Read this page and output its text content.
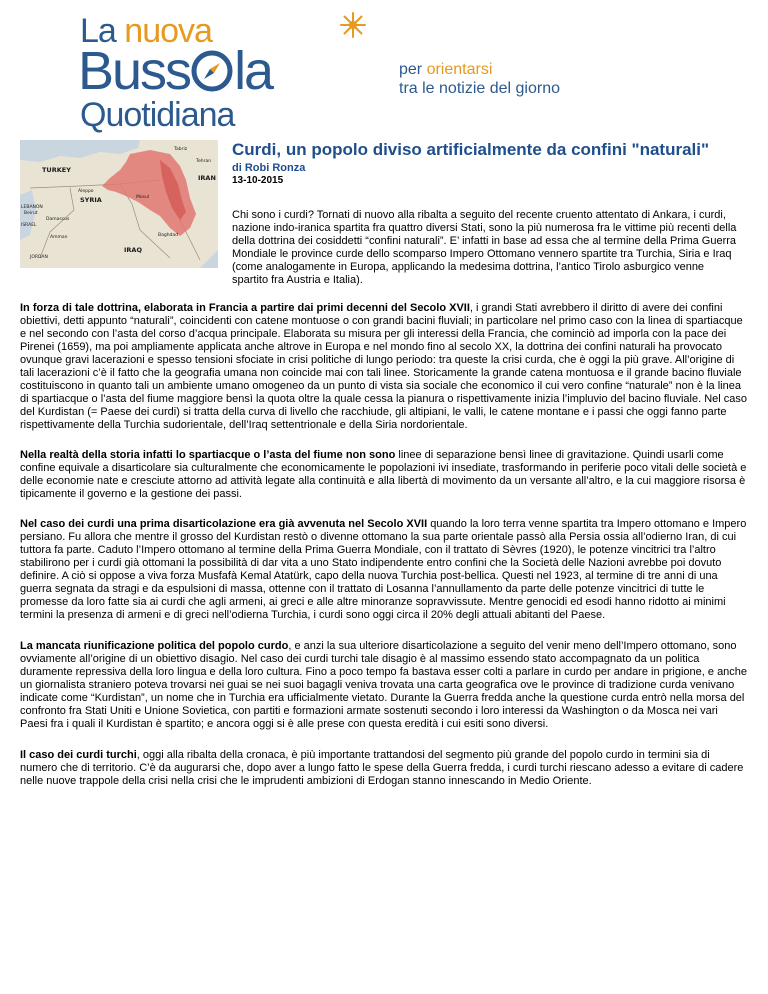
La nuova
Buss la
Quotidiana
per orientarsi
tra le notizie del giorno
TURKEY
SYRIA
IRAQ
IRAN
LEBANON
ISRAEL
JORDAN
Tabriz
Tehran
Baghdad
Damascus
Aleppo
Mosul
Beirut
Amman
Curdi, un popolo diviso artificialmente da confini "naturali"
di Robi Ronza
13-10-2015
Chi sono i curdi? Tornati di nuovo alla ribalta a seguito del recente cruento attentato di Ankara, i curdi, nazione indo-iranica spartita fra quattro diversi Stati, sono la più numerosa fra le vittime più recenti della della dottrina dei cosiddetti “confini naturali”. E’ infatti in base ad essa che al termine della Prima Guerra Mondiale le province curde dello scomparso Impero Ottomano vennero spartite tra Turchia, Siria e Iraq (come analogamente in Europa, applicando la medesima dottrina, l’antico Tirolo asburgico venne spartito fra Austria e Italia).
In forza di tale dottrina, elaborata in Francia a partire dai primi decenni del Secolo XVII, i grandi Stati avrebbero il diritto di avere dei confini obiettivi, detti appunto “naturali”, coincidenti con catene montuose o con grandi bacini fluviali; in particolare nel primo caso con la linea di spartiacque e nel secondo con l’asta del corso d’acqua principale. Elaborata su misura per gli interessi della Francia, che cominciò ad imporla con la pace dei Pirenei (1659), ma poi ampliamente applicata anche altrove in Europa e nel mondo fino al secolo XX, la dottrina dei confini naturali ha provocato ovunque gravi lacerazioni e spesso tensioni sfociate in crisi politiche di lungo periodo: tra queste la crisi curda, che è oggi la più grave. All’origine di tali lacerazioni c’è il fatto che la geografia umana non coincide mai con tali linee. Storicamente la grande catena montuosa e il grande bacino fluviale costituiscono in quanto tali un ambiente umano omogeneo da un punto di vista sia sociale che economico il cui vero confine “naturale” non è la linea di spartiacque o l’asta del fiume maggiore bensì la quota oltre la quale cessa la pianura o rispettivamente inizia l’impluvio del bacino fluviale. Nel caso del Kurdistan (= Paese dei curdi) si tratta della curva di livello che racchiude, gli altipiani, le valli, le catene montane e i passi che oggi fanno parte rispettivamente della Turchia sudorientale, dell’Iraq settentrionale e della Siria nordorientale.
Nella realtà della storia infatti lo spartiacque o l’asta del fiume non sono linee di separazione bensì linee di gravitazione. Quindi usarli come confine equivale a disarticolare sia culturalmente che economicamente le popolazioni ivi insediate, trasformando in periferie poco vitali delle società e delle economie nate e cresciute attorno ad attività legate alla continuità e alla libertà di movimento da un versante all’altro, e la cui maggiore risorsa è tipicamente il governo e la gestione dei passi.
Nel caso dei curdi una prima disarticolazione era già avvenuta nel Secolo XVII quando la loro terra venne spartita tra Impero ottomano e Impero persiano. Fu allora che mentre il grosso del Kurdistan restò o divenne ottomano la sua parte orientale passò alla Persia ossia all’odierno Iran, di cui tuttora fa parte. Caduto l’Impero ottomano al termine della Prima Guerra Mondiale, con il trattato di Sèvres (1920), le potenze vincitrici tra l’altro stabilirono per i curdi già ottomani la possibilità di dar vita a uno Stato indipendente entro confini che la Società delle Nazioni avrebbe poi dovuto definire. A ciò si oppose a viva forza Musfafà Kemal Atatürk, capo della nuova Turchia post-bellica. Questi nel 1923, al termine di tre anni di una guerra segnata da stragi e da espulsioni di massa, ottenne con il trattato di Losanna l’annullamento da parte delle potenze vincitrici di tutte le promesse da loro fatte sia ai curdi che agli armeni, ai greci e alle altre minoranze sopravvissute. Mentre genocidi ed esodi hanno ridotto ai minimi termini la presenza di armeni e di greci nell’odierna Turchia, i curdi sono oggi circa il 20% degli attuali abitanti del Paese.
La mancata riunificazione politica del popolo curdo, e anzi la sua ulteriore disarticolazione a seguito del venir meno dell’Impero ottomano, sono ovviamente all’origine di un obiettivo disagio. Nel caso dei curdi turchi tale disagio è al massimo essendo stato accompagnato da un politica duramente repressiva della loro lingua e della loro cultura. Fino a poco tempo fa bastava esser colti a parlare in curdo per andare in prigione, e anche un giornalista straniero poteva trovarsi nei guai se nei suoi bagagli veniva trovata una carta geografica ove le province di tradizione curda venivano indicate come “Kurdistan”, un nome che in Turchia era ufficialmente vietato. Durante la Guerra fredda anche la questione curda entrò nella morsa del confronto fra Stati Uniti e Unione Sovietica, con partiti e formazioni armate sostenuti secondo i loro interessi da Washington o da Mosca nei vari Paesi fra i quali il Kurdistan è spartito; e ancora oggi si è alle prese con questa eredità i cui esiti sono diversi.
Il caso dei curdi turchi, oggi alla ribalta della cronaca, è più importante trattandosi del segmento più grande del popolo curdo in termini sia di numero che di territorio. C’è da augurarsi che, dopo aver a lungo fatto le spese della Guerra fredda, i curdi turchi riescano adesso a evitare di cadere nelle nuove trappole della crisi nella crisi che le imprudenti ambizioni di Erdogan stanno innescando in Medio Oriente.
